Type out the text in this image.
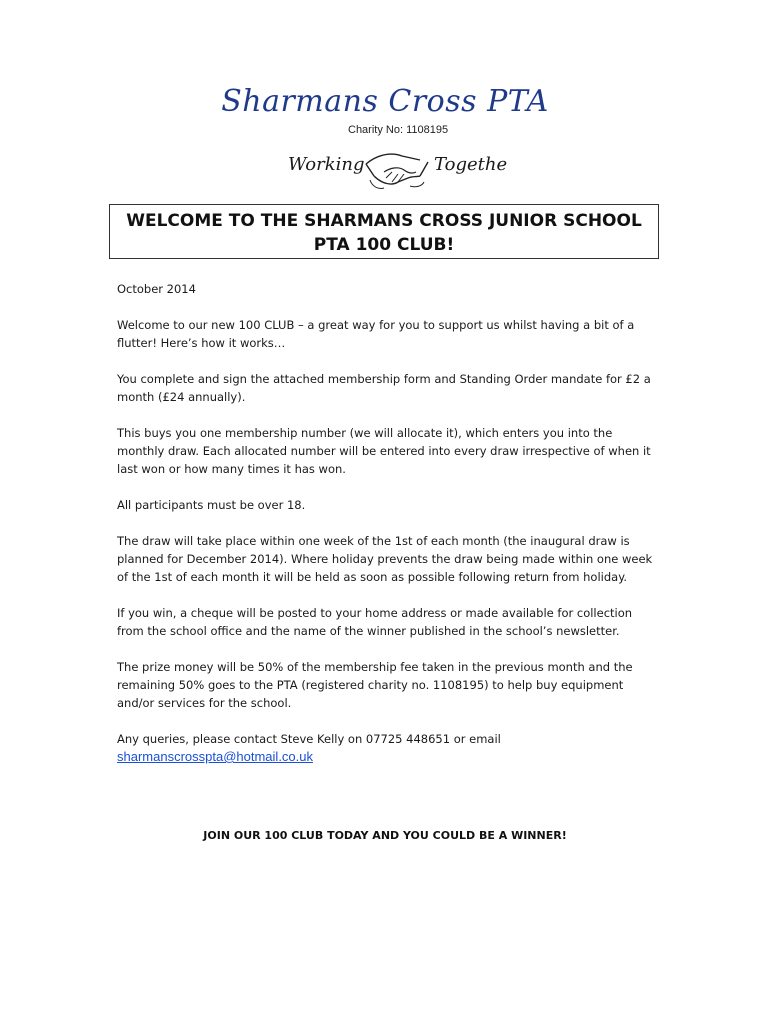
Sharmans Cross PTA
Charity No: 1108195
Working	Togethe
WELCOME TO THE SHARMANS CROSS JUNIOR SCHOOL
PTA 100 CLUB!

October 2014

Welcome to our new 100 CLUB – a great way for you to support us whilst having a bit of a flutter! Here’s how it works…

You complete and sign the attached membership form and Standing Order mandate for £2 a month (£24 annually).

This buys you one membership number (we will allocate it), which enters you into the monthly draw. Each allocated number will be entered into every draw irrespective of when it last won or how many times it has won.

All participants must be over 18.

The draw will take place within one week of the 1st of each month (the inaugural draw is planned for December 2014). Where holiday prevents the draw being made within one week of the 1st of each month it will be held as soon as possible following return from holiday.

If you win, a cheque will be posted to your home address or made available for collection from the school office and the name of the winner published in the school’s newsletter.

The prize money will be 50% of the membership fee taken in the previous month and the remaining 50% goes to the PTA (registered charity no. 1108195) to help buy equipment and/or services for the school.

Any queries, please contact Steve Kelly on 07725 448651 or email
sharmanscrosspta@hotmail.co.uk

JOIN OUR 100 CLUB TODAY AND YOU COULD BE A WINNER!
